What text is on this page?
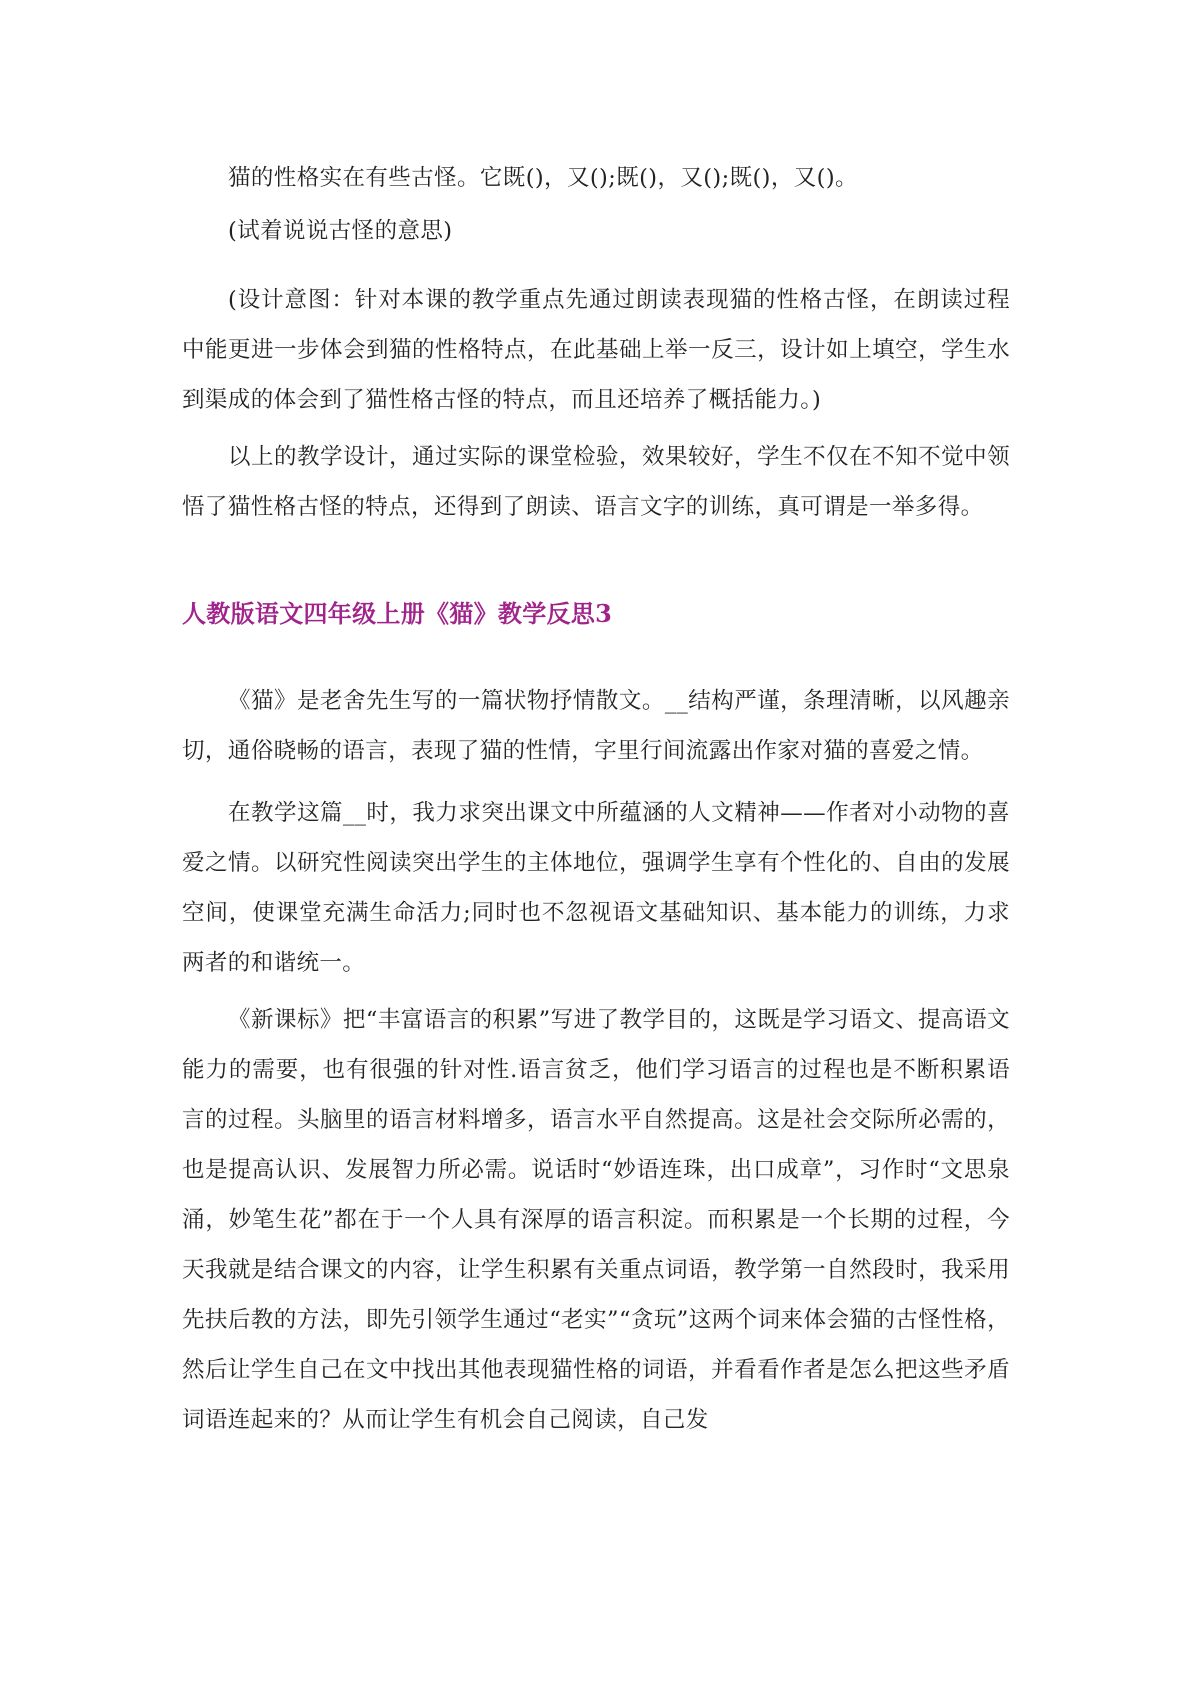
猫的性格实在有些古怪。它既()，又();既()，又();既()，又()。

(试着说说古怪的意思)

(设计意图：针对本课的教学重点先通过朗读表现猫的性格古怪，在朗读过程中能更进一步体会到猫的性格特点，在此基础上举一反三，设计如上填空，学生水到渠成的体会到了猫性格古怪的特点，而且还培养了概括能力。)

以上的教学设计，通过实际的课堂检验，效果较好，学生不仅在不知不觉中领悟了猫性格古怪的特点，还得到了朗读、语言文字的训练，真可谓是一举多得。

人教版语文四年级上册《猫》教学反思3

《猫》是老舍先生写的一篇状物抒情散文。__结构严谨，条理清晰，以风趣亲切，通俗晓畅的语言，表现了猫的性情，字里行间流露出作家对猫的喜爱之情。

在教学这篇__时，我力求突出课文中所蕴涵的人文精神——作者对小动物的喜爱之情。以研究性阅读突出学生的主体地位，强调学生享有个性化的、自由的发展空间，使课堂充满生命活力;同时也不忽视语文基础知识、基本能力的训练，力求两者的和谐统一。

《新课标》把“丰富语言的积累”写进了教学目的，这既是学习语文、提高语文能力的需要，也有很强的针对性.语言贫乏，他们学习语言的过程也是不断积累语言的过程。头脑里的语言材料增多，语言水平自然提高。这是社会交际所必需的，也是提高认识、发展智力所必需。说话时“妙语连珠，出口成章”，习作时“文思泉涌，妙笔生花”都在于一个人具有深厚的语言积淀。而积累是一个长期的过程，今天我就是结合课文的内容，让学生积累有关重点词语，教学第一自然段时，我采用先扶后教的方法，即先引领学生通过“老实”“贪玩”这两个词来体会猫的古怪性格，然后让学生自己在文中找出其他表现猫性格的词语，并看看作者是怎么把这些矛盾词语连起来的？从而让学生有机会自己阅读，自己发
